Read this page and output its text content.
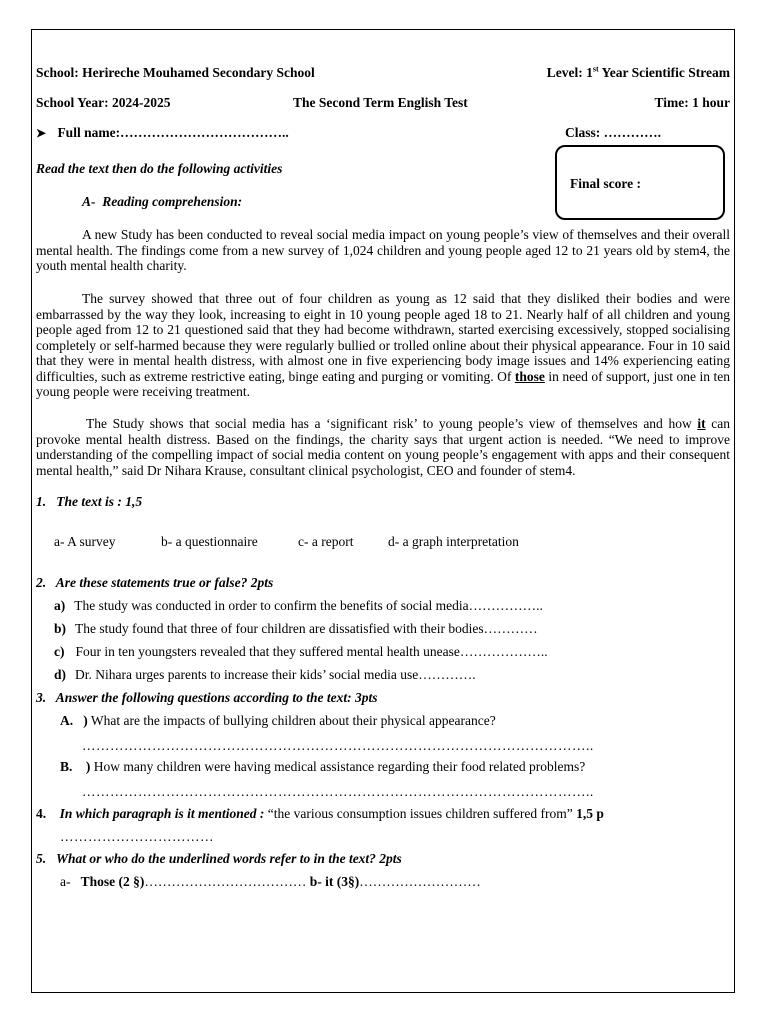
School: Herireche Mouhamed Secondary School	Level: 1st Year Scientific Stream
School Year: 2024-2025	The Second Term English Test	Time: 1 hour
➤ Full name:………………………………..	Class: ………….
Final score :
Read the text then do the following activities
A- Reading comprehension:
A new Study has been conducted to reveal social media impact on young people’s view of themselves and their overall mental health. The findings come from a new survey of 1,024 children and young people aged 12 to 21 years old by stem4, the youth mental health charity.
The survey showed that three out of four children as young as 12 said that they disliked their bodies and were embarrassed by the way they look, increasing to eight in 10 young people aged 18 to 21. Nearly half of all children and young people aged from 12 to 21 questioned said that they had become withdrawn, started exercising excessively, stopped socialising completely or self-harmed because they were regularly bullied or trolled online about their physical appearance. Four in 10 said that they were in mental health distress, with almost one in five experiencing body image issues and 14% experiencing eating difficulties, such as extreme restrictive eating, binge eating and purging or vomiting. Of those in need of support, just one in ten young people were receiving treatment.
The Study shows that social media has a ‘significant risk’ to young people’s view of themselves and how it can provoke mental health distress. Based on the findings, the charity says that urgent action is needed. “We need to improve understanding of the compelling impact of social media content on young people’s engagement with apps and their consequent mental health,” said Dr Nihara Krause, consultant clinical psychologist, CEO and founder of stem4.
1. The text is : 1,5
a- A survey	b- a questionnaire	c- a report	d- a graph interpretation
2. Are these statements true or false? 2pts
a) The study was conducted in order to confirm the benefits of social media……………..
b) The study found that three of four children are dissatisfied with their bodies…………
c) Four in ten youngsters revealed that they suffered mental health unease………………..
d) Dr. Nihara urges parents to increase their kids’ social media use………….
3. Answer the following questions according to the text: 3pts
A. ) What are the impacts of bullying children about their physical appearance?
………………………………………………………………………………………………..
B. ) How many children were having medical assistance regarding their food related problems?
………………………………………………………………………………………………..
4. In which paragraph is it mentioned : “the various consumption issues children suffered from” 1,5 p
……………………………
5. What or who do the underlined words refer to in the text? 2pts
a- Those (2 §)……………………………… b- it (3§)………………………
